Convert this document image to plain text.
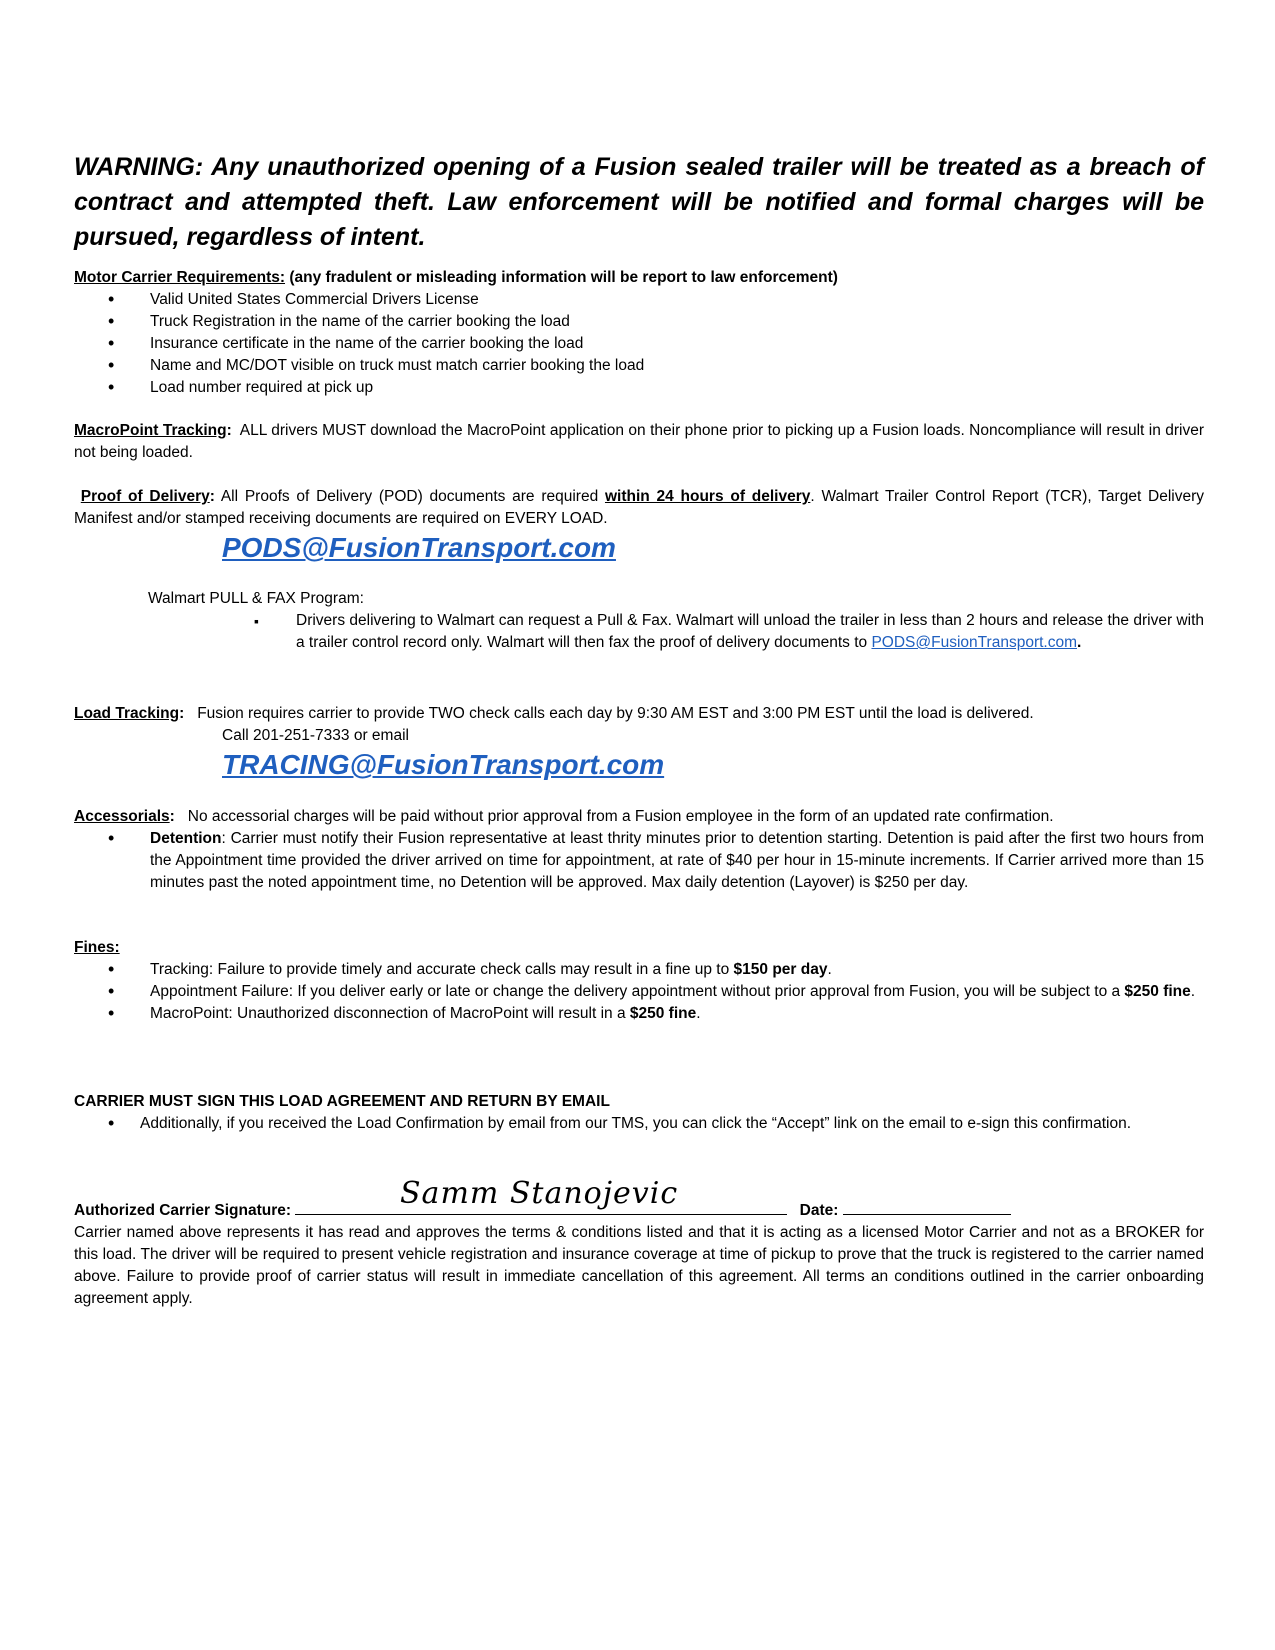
WARNING: Any unauthorized opening of a Fusion sealed trailer will be treated as a breach of contract and attempted theft. Law enforcement will be notified and formal charges will be pursued, regardless of intent.

Motor Carrier Requirements: (any fradulent or misleading information will be report to law enforcement)
• Valid United States Commercial Drivers License
• Truck Registration in the name of the carrier booking the load
• Insurance certificate in the name of the carrier booking the load
• Name and MC/DOT visible on truck must match carrier booking the load
• Load number required at pick up

MacroPoint Tracking: ALL drivers MUST download the MacroPoint application on their phone prior to picking up a Fusion loads. Noncompliance will result in driver not being loaded.

Proof of Delivery: All Proofs of Delivery (POD) documents are required within 24 hours of delivery. Walmart Trailer Control Report (TCR), Target Delivery Manifest and/or stamped receiving documents are required on EVERY LOAD.

PODS@FusionTransport.com
Walmart PULL & FAX Program:
▪ Drivers delivering to Walmart can request a Pull & Fax. Walmart will unload the trailer in less than 2 hours and release the driver with a trailer control record only. Walmart will then fax the proof of delivery documents to PODS@FusionTransport.com.
Load Tracking: Fusion requires carrier to provide TWO check calls each day by 9:30 AM EST and 3:00 PM EST until the load is delivered.
Call 201-251-7333 or email
TRACING@FusionTransport.com
Accessorials: No accessorial charges will be paid without prior approval from a Fusion employee in the form of an updated rate confirmation.
• Detention: Carrier must notify their Fusion representative at least thrity minutes prior to detention starting. Detention is paid after the first two hours from the Appointment time provided the driver arrived on time for appointment, at rate of $40 per hour in 15-minute increments. If Carrier arrived more than 15 minutes past the noted appointment time, no Detention will be approved. Max daily detention (Layover) is $250 per day.
Fines:
• Tracking: Failure to provide timely and accurate check calls may result in a fine up to $150 per day.
• Appointment Failure: If you deliver early or late or change the delivery appointment without prior approval from Fusion, you will be subject to a $250 fine.
• MacroPoint: Unauthorized disconnection of MacroPoint will result in a $250 fine.
CARRIER MUST SIGN THIS LOAD AGREEMENT AND RETURN BY EMAIL
• Additionally, if you received the Load Confirmation by email from our TMS, you can click the “Accept” link on the email to e-sign this confirmation.
Authorized Carrier Signature:	Date:
Samm Stanojevic

Carrier named above represents it has read and approves the terms & conditions listed and that it is acting as a licensed Motor Carrier and not as a BROKER for this load. The driver will be required to present vehicle registration and insurance coverage at time of pickup to prove that the truck is registered to the carrier named above. Failure to provide proof of carrier status will result in immediate cancellation of this agreement. All terms an conditions outlined in the carrier onboarding agreement apply.
